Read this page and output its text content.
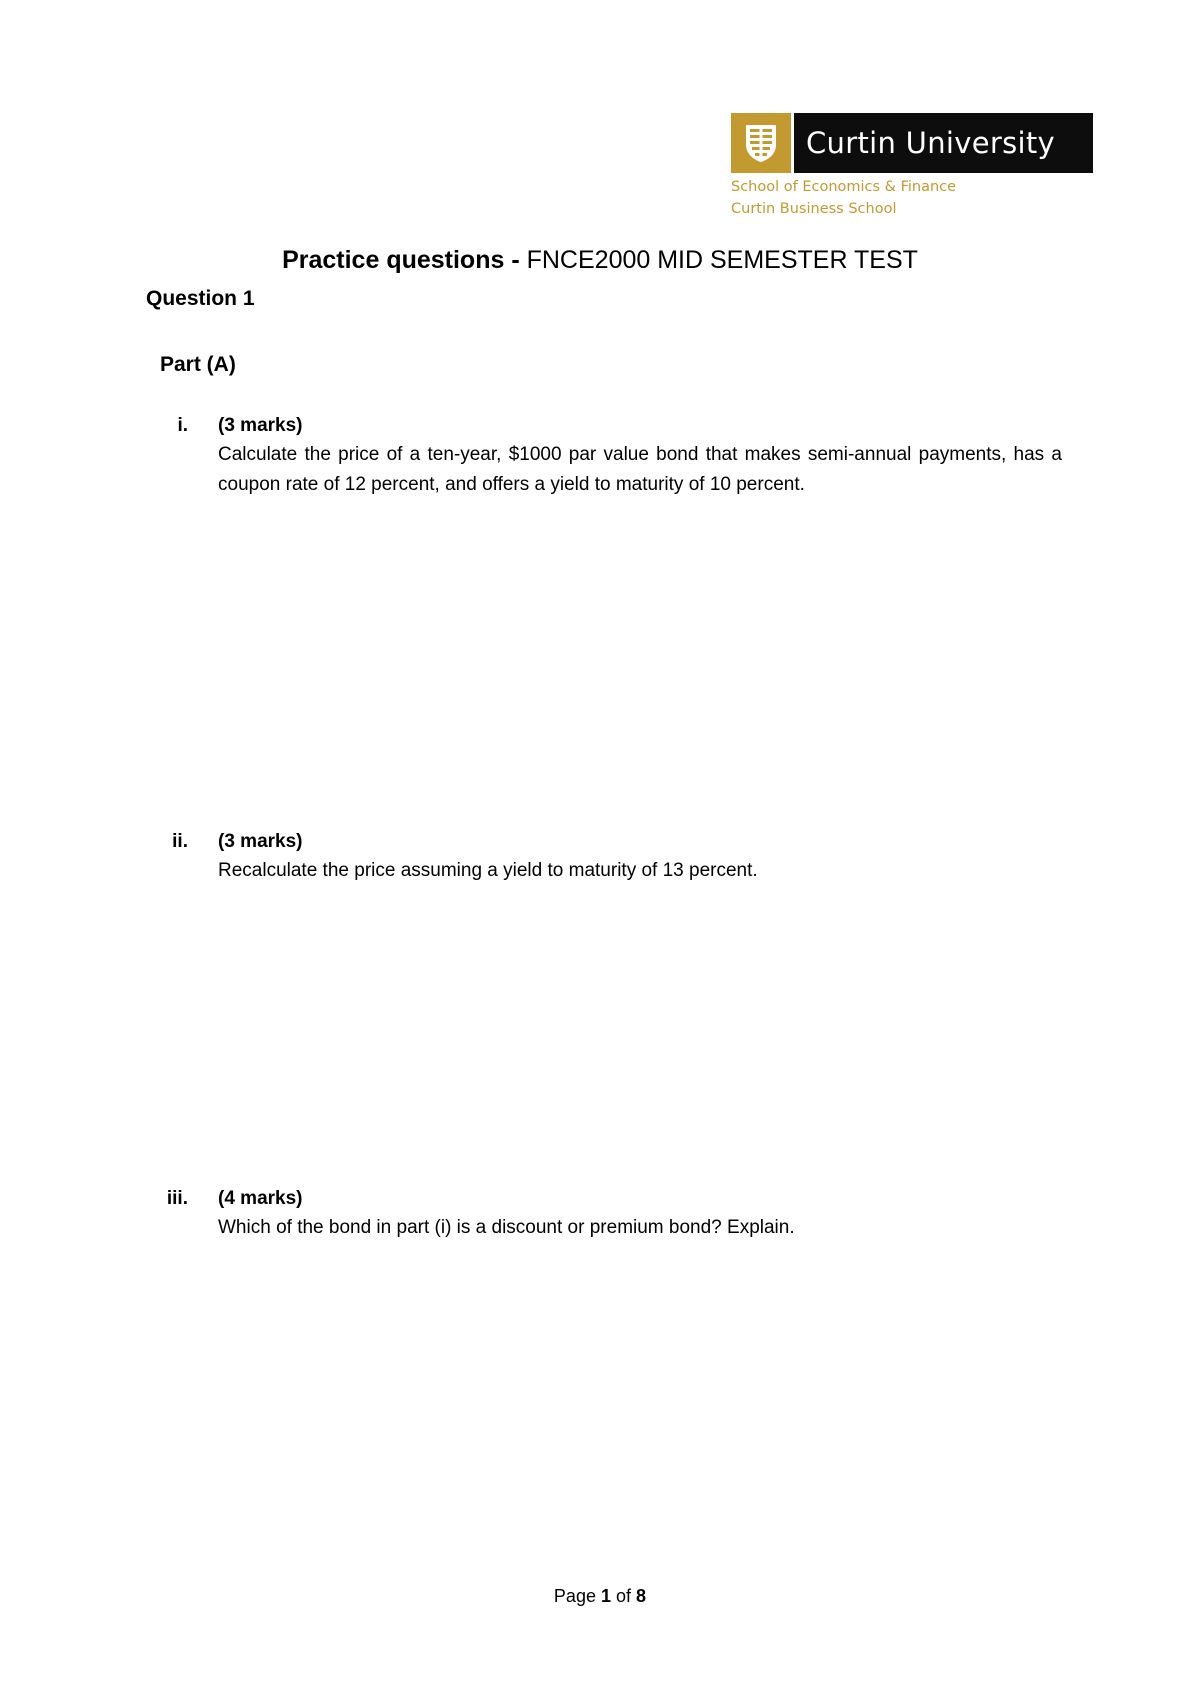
Curtin University
School of Economics & Finance
Curtin Business School
Practice questions - FNCE2000 MID SEMESTER TEST
Question 1
Part (A)
i. (3 marks)
Calculate the price of a ten-year, $1000 par value bond that makes semi-annual payments, has a coupon rate of 12 percent, and offers a yield to maturity of 10 percent.
ii. (3 marks)
Recalculate the price assuming a yield to maturity of 13 percent.
iii. (4 marks)
Which of the bond in part (i) is a discount or premium bond? Explain.
Page 1 of 8
